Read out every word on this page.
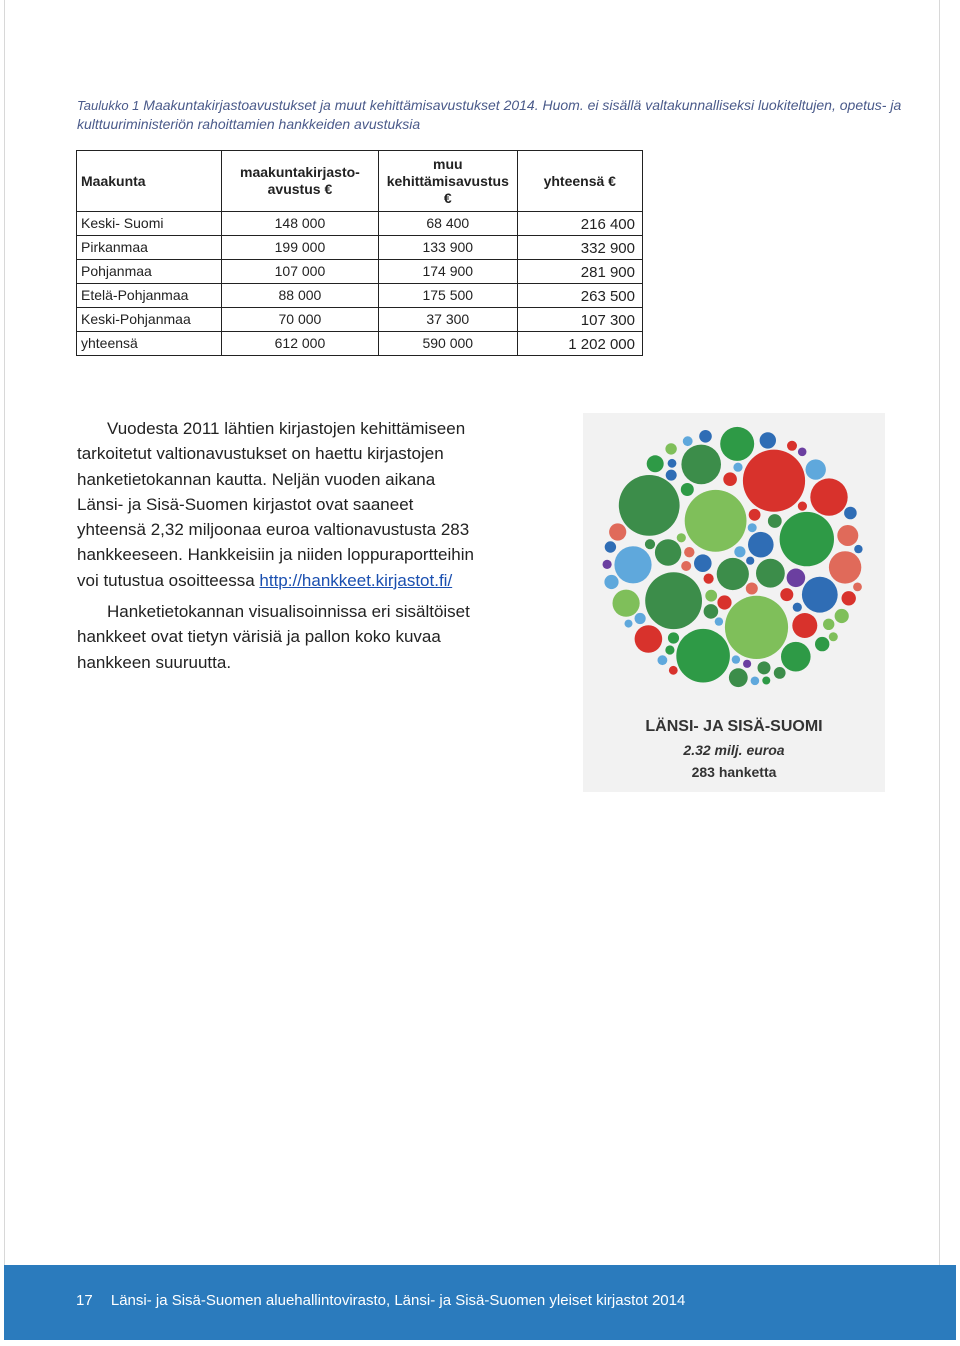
Taulukko 1 Maakuntakirjastoavustukset ja muut kehittämisavustukset 2014. Huom. ei sisällä valtakunnalliseksi luokiteltujen, opetus- ja kulttuuriministeriön rahoittamien hankkeiden avustuksia
Maakunta	maakuntakirjasto-avustus €	muu kehittämisavustus €	yhteensä €
Keski- Suomi	148 000	68 400	216 400
Pirkanmaa	199 000	133 900	332 900
Pohjanmaa	107 000	174 900	281 900
Etelä-Pohjanmaa	88 000	175 500	263 500
Keski-Pohjanmaa	70 000	37 300	107 300
yhteensä	612 000	590 000	1 202 000

Vuodesta 2011 lähtien kirjastojen kehittämiseen tarkoitetut valtionavustukset on haettu kirjastojen hanketietokannan kautta. Neljän vuoden aikana Länsi- ja Sisä-Suomen kirjastot ovat saaneet yhteensä 2,32 miljoonaa euroa valtionavustusta 283 hankkeeseen. Hankkeisiin ja niiden loppuraportteihin voi tutustua osoitteessa http://hankkeet.kirjastot.fi/

Hanketietokannan visualisoinnissa eri sisältöiset hankkeet ovat tietyn värisiä ja pallon koko kuvaa hankkeen suuruutta.

LÄNSI- JA SISÄ-SUOMI
2.32 milj. euroa
283 hanketta
17 Länsi- ja Sisä-Suomen aluehallintovirasto, Länsi- ja Sisä-Suomen yleiset kirjastot 2014
